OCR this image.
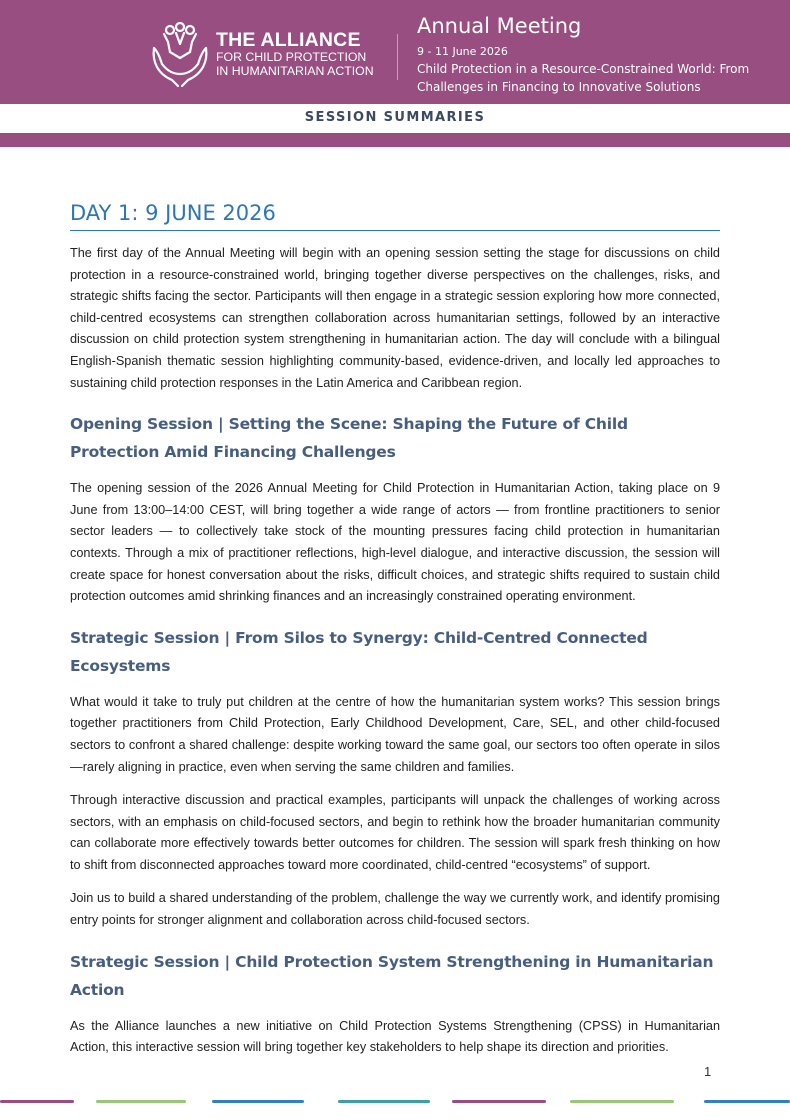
THE ALLIANCE
FOR CHILD PROTECTION
IN HUMANITARIAN ACTION
Annual Meeting
9 - 11 June 2026
Child Protection in a Resource-Constrained World: From Challenges in Financing to Innovative Solutions
SESSION SUMMARIES
DAY 1: 9 JUNE 2026

The first day of the Annual Meeting will begin with an opening session setting the stage for discussions on child protection in a resource-constrained world, bringing together diverse perspectives on the challenges, risks, and strategic shifts facing the sector. Participants will then engage in a strategic session exploring how more connected, child-centred ecosystems can strengthen collaboration across humanitarian settings, followed by an interactive discussion on child protection system strengthening in humanitarian action. The day will conclude with a bilingual English-Spanish thematic session highlighting community-based, evidence-driven, and locally led approaches to sustaining child protection responses in the Latin America and Caribbean region.

Opening Session | Setting the Scene: Shaping the Future of Child Protection Amid Financing Challenges

The opening session of the 2026 Annual Meeting for Child Protection in Humanitarian Action, taking place on 9 June from 13:00–14:00 CEST, will bring together a wide range of actors — from frontline practitioners to senior sector leaders — to collectively take stock of the mounting pressures facing child protection in humanitarian contexts. Through a mix of practitioner reflections, high-level dialogue, and interactive discussion, the session will create space for honest conversation about the risks, difficult choices, and strategic shifts required to sustain child protection outcomes amid shrinking finances and an increasingly constrained operating environment.

Strategic Session | From Silos to Synergy: Child-Centred Connected Ecosystems

What would it take to truly put children at the centre of how the humanitarian system works? This session brings together practitioners from Child Protection, Early Childhood Development, Care, SEL, and other child-focused sectors to confront a shared challenge: despite working toward the same goal, our sectors too often operate in silos—rarely aligning in practice, even when serving the same children and families.

Through interactive discussion and practical examples, participants will unpack the challenges of working across sectors, with an emphasis on child-focused sectors, and begin to rethink how the broader humanitarian community can collaborate more effectively towards better outcomes for children. The session will spark fresh thinking on how to shift from disconnected approaches toward more coordinated, child-centred “ecosystems” of support.

Join us to build a shared understanding of the problem, challenge the way we currently work, and identify promising entry points for stronger alignment and collaboration across child-focused sectors.

Strategic Session | Child Protection System Strengthening in Humanitarian Action

As the Alliance launches a new initiative on Child Protection Systems Strengthening (CPSS) in Humanitarian Action, this interactive session will bring together key stakeholders to help shape its direction and priorities.

1
